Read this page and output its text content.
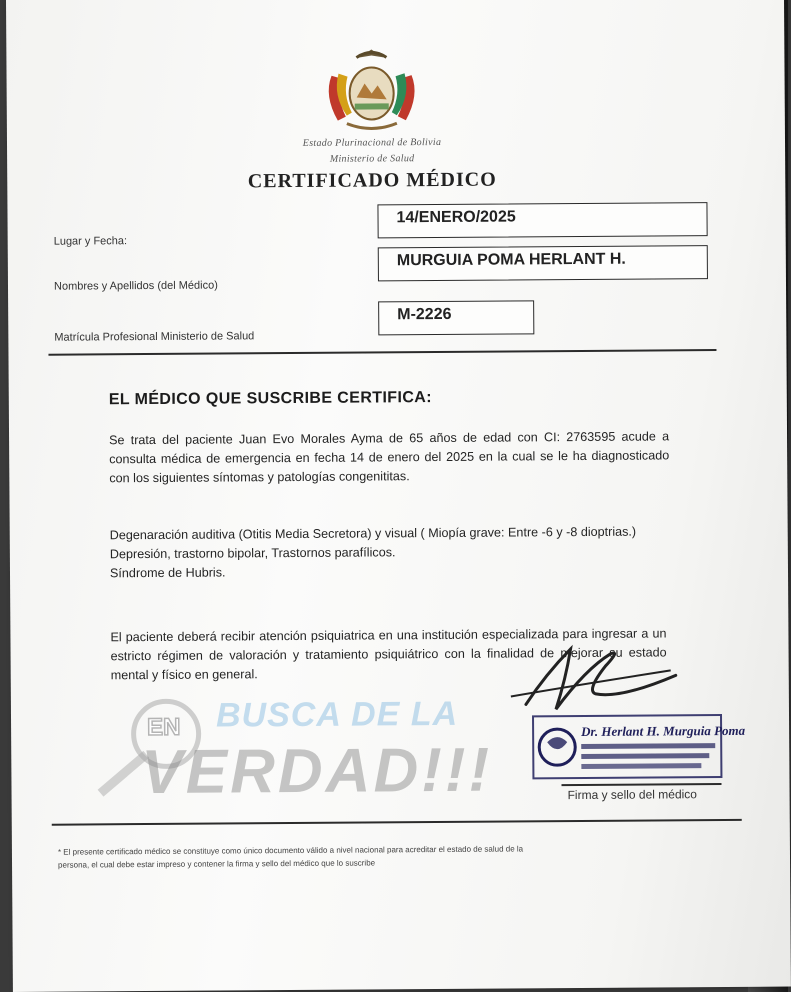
Estado Plurinacional de Bolivia
Ministerio de Salud
CERTIFICADO MÉDICO
Lugar y Fecha:
14/ENERO/2025
Nombres y Apellidos (del Médico)
MURGUIA POMA HERLANT H.
Matrícula Profesional Ministerio de Salud
M-2226
EL MÉDICO QUE SUSCRIBE CERTIFICA:

Se trata del paciente Juan Evo Morales Ayma de 65 años de edad con CI: 2763595 acude a consulta médica de emergencia en fecha 14 de enero del 2025 en la cual se le ha diagnosticado con los siguientes síntomas y patologías congenititas.

Degenaración auditiva (Otitis Media Secretora) y visual ( Miopía grave: Entre -6 y -8 dioptrias.)

Depresión, trastorno bipolar, Trastornos parafílicos.

Síndrome de Hubris.

El paciente deberá recibir atención psiquiatrica en una institución especializada para ingresar a un estricto régimen de valoración y tratamiento psiquiátrico con la finalidad de mejorar su estado mental y físico en general.

EN BUSCA DE LA
VERDAD!!!
Dr. Herlant H. Murguia Poma
Firma y sello del médico

* El presente certificado médico se constituye como único documento válido a nivel nacional para acreditar el estado de salud de la

persona, el cual debe estar impreso y contener la firma y sello del médico que lo suscribe
